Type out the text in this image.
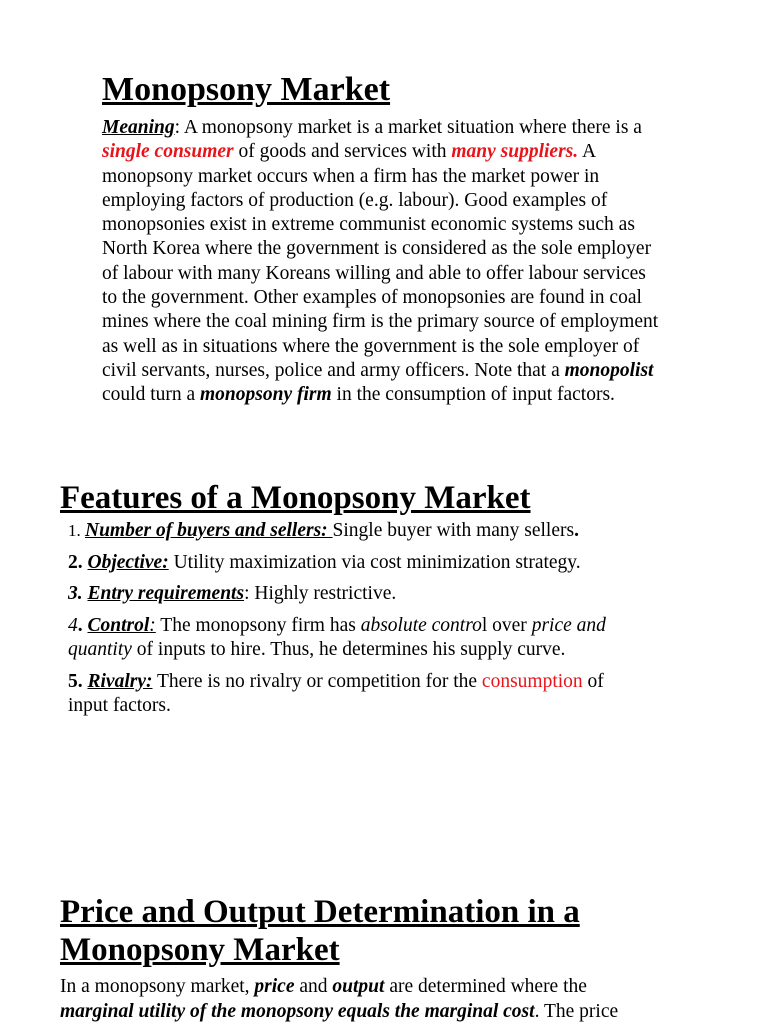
Monopsony Market

Meaning: A monopsony market is a market situation where there is a
single consumer of goods and services with many suppliers. A
monopsony market occurs when a firm has the market power in
employing factors of production (e.g. labour). Good examples of
monopsonies exist in extreme communist economic systems such as
North Korea where the government is considered as the sole employer
of labour with many Koreans willing and able to offer labour services
to the government. Other examples of monopsonies are found in coal
mines where the coal mining firm is the primary source of employment
as well as in situations where the government is the sole employer of
civil servants, nurses, police and army officers. Note that a monopolist
could turn a monopsony firm in the consumption of input factors.

Features of a Monopsony Market
1. Number of buyers and sellers: Single buyer with many sellers.
2. Objective: Utility maximization via cost minimization strategy.
3. Entry requirements: Highly restrictive.
4. Control: The monopsony firm has absolute control over price and
quantity of inputs to hire. Thus, he determines his supply curve.
5. Rivalry: There is no rivalry or competition for the consumption of
input factors.
Price and Output Determination in a
Monopsony Market

In a monopsony market, price and output are determined where the
marginal utility of the monopsony equals the marginal cost. The price
